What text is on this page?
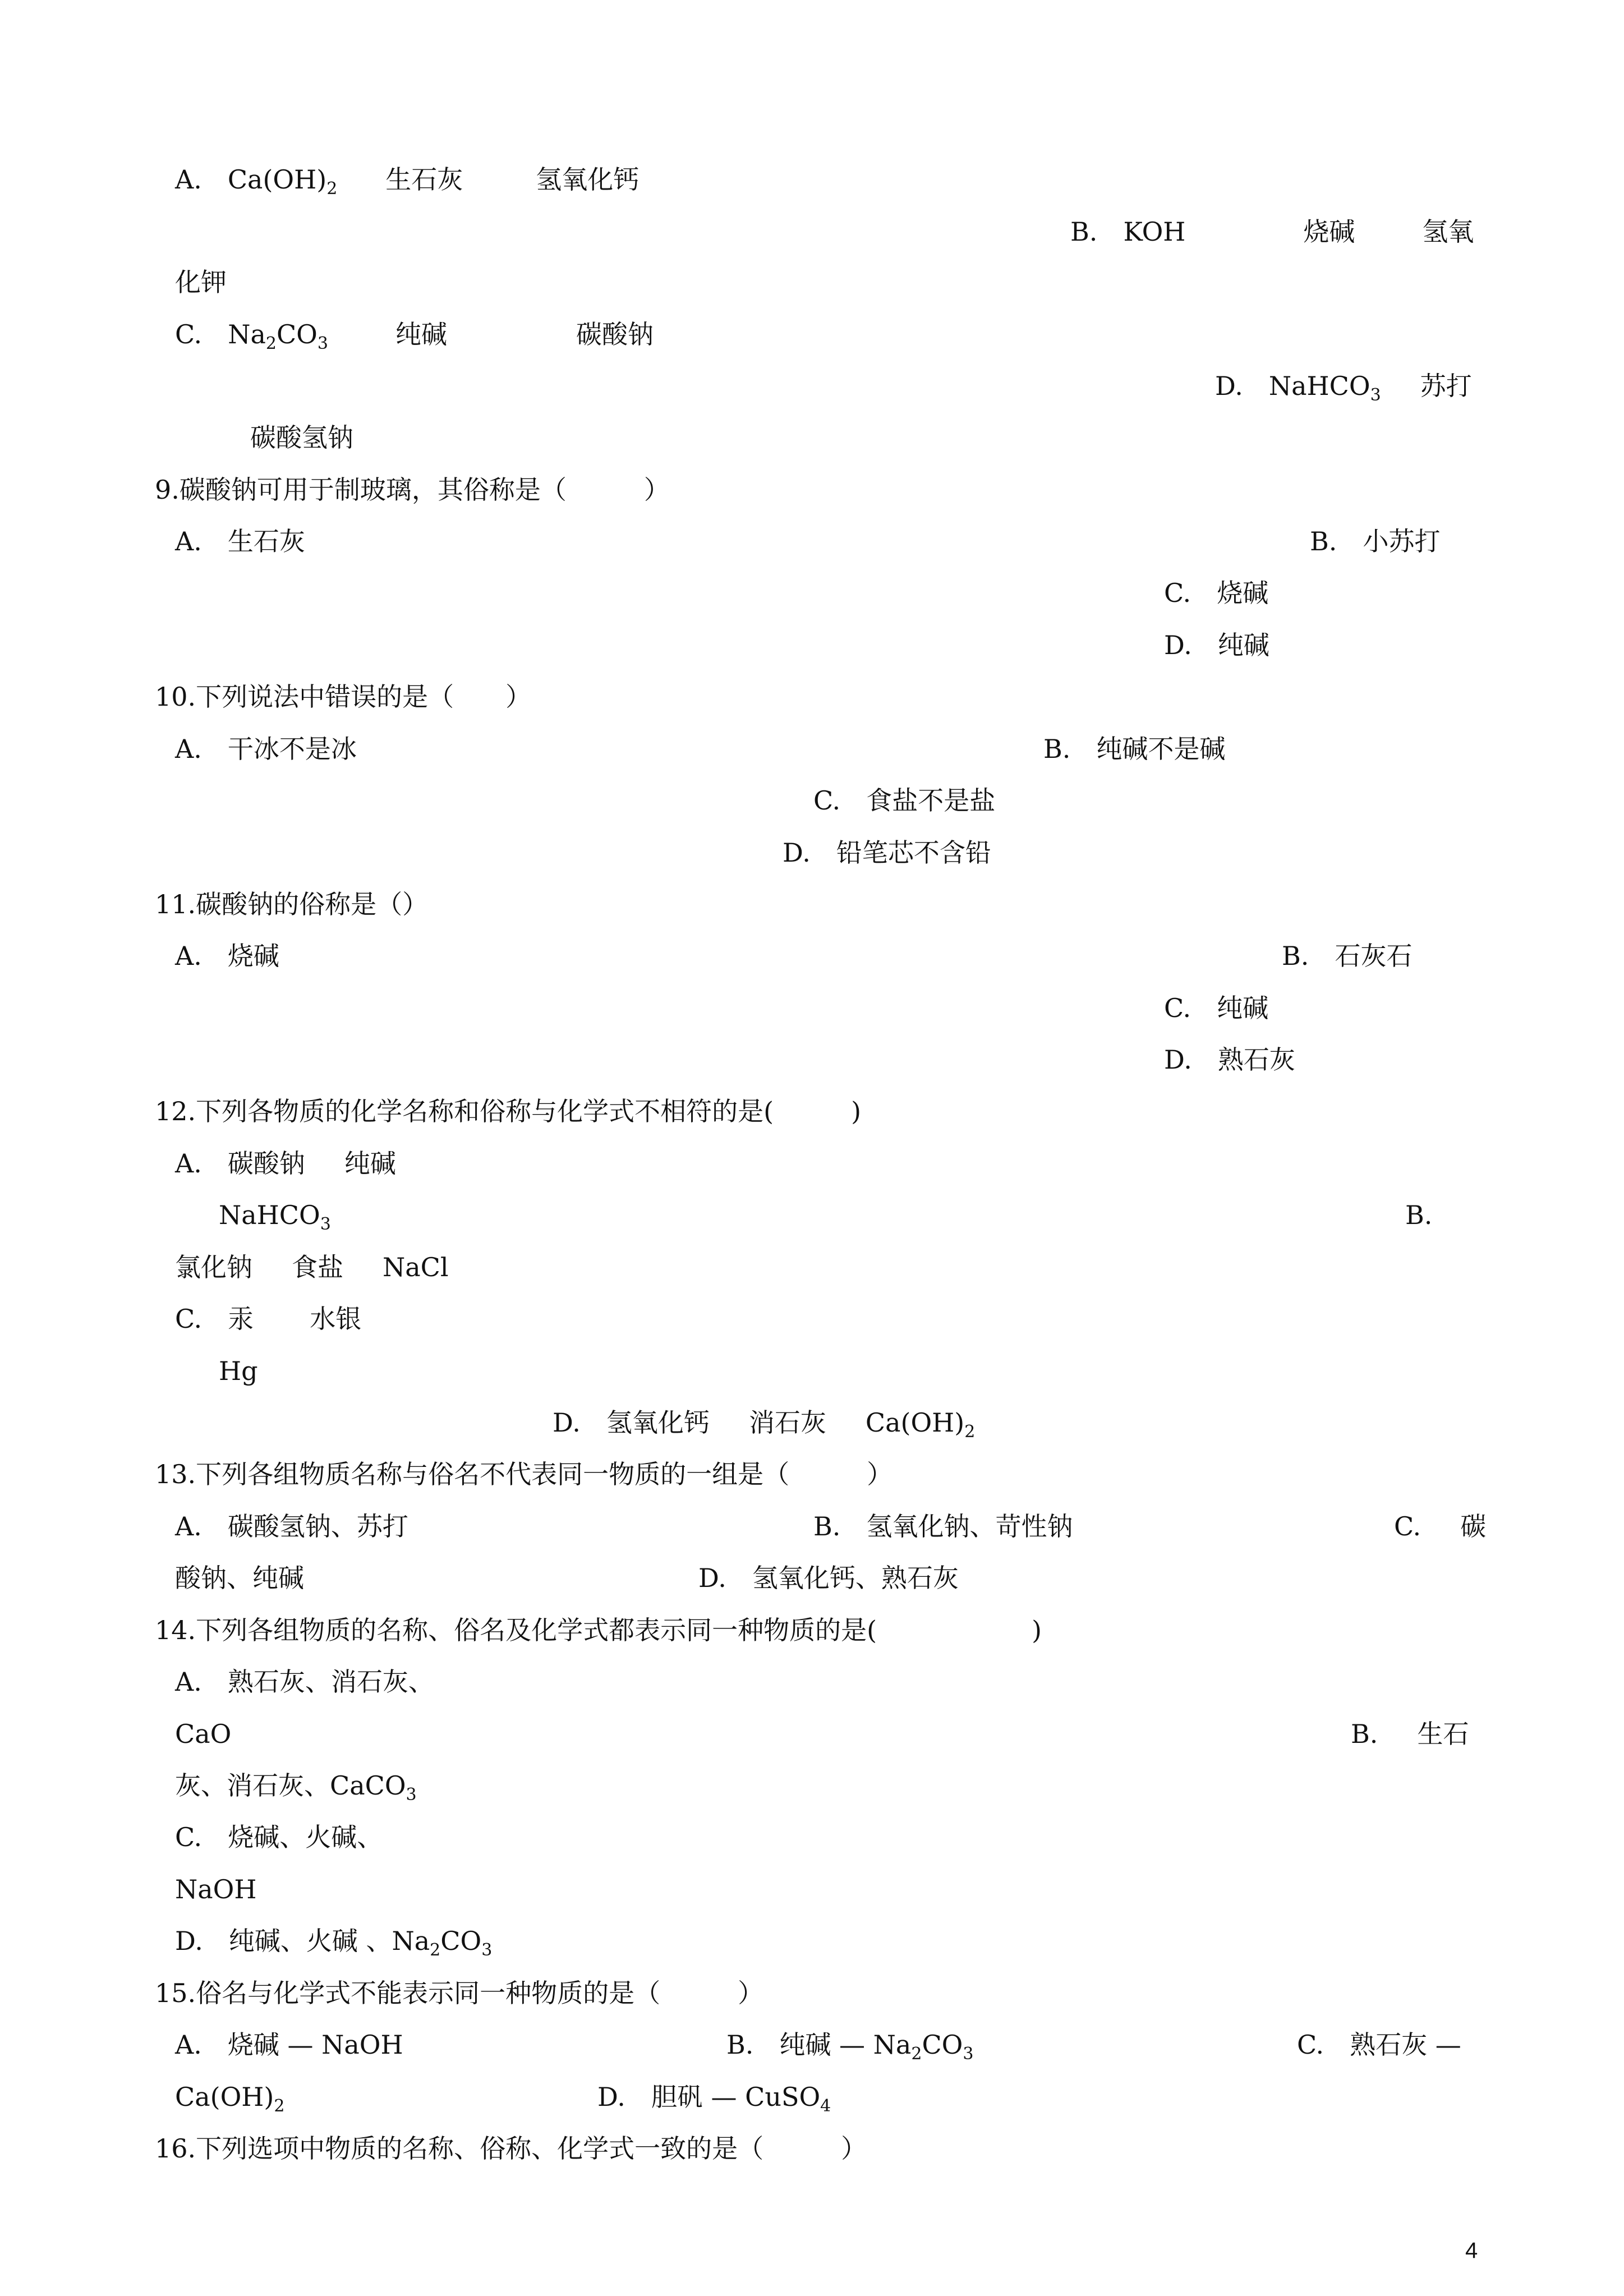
A.　 $Ca(OH)_2$　 生石灰	氢氧化钙
B.　 KOH	烧碱	氢氧
化钾
C.　 $Na_2CO_3$	纯碱	碳酸钠
D.　 NaHCO$_3$ 苏打
碳酸氢钠
9.碳酸钠可用于制玻璃，其俗称是（　　　）
A.　 生石灰	B.　 小苏打
C.　 烧碱
D.　 纯碱
10.下列说法中错误的是（　　）
A.　 干冰不是冰	B.　 纯碱不是碱
C.　 食盐不是盐
D.　 铅笔芯不含铅
11.碳酸钠的俗称是（）
A.　 烧碱	B.　 石灰石
C.　 纯碱
D.　 熟石灰
12.下列各物质的化学名称和俗称与化学式不相符的是(　　　)
A.　 碳酸钠 纯碱
NaHCO$_3$	B.
氯化钠 食盐 NaCl
C.　 汞 水银
Hg
D.　 氢氧化钙 消石灰 $Ca(OH)_2$
13.下列各组物质名称与俗名不代表同一物质的一组是（　　　）
A.　 碳酸氢钠、苏打	B.　 氢氧化钠、苛性钠	C. 碳
酸钠、纯碱	D.　 氢氧化钙、熟石灰
14.下列各组物质的名称、俗名及化学式都表示同一种物质的是(　　　　　　)
A.　 熟石灰、消石灰、
CaO	B. 生石
灰、消石灰、CaCO$_3$
C.　 烧碱、火碱、
NaOH
D.　 纯碱、火碱 、$Na_2CO_3$
15.俗名与化学式不能表示同一种物质的是（　　　）
A.　 烧碱 — NaOH	B.　 纯碱 — $Na_2CO_3$	C.　 熟石灰 —
$Ca(OH)_2$	D.　 胆矾 — CuSO$_4$
16.下列选项中物质的名称、俗称、化学式一致的是（　　　）
4
